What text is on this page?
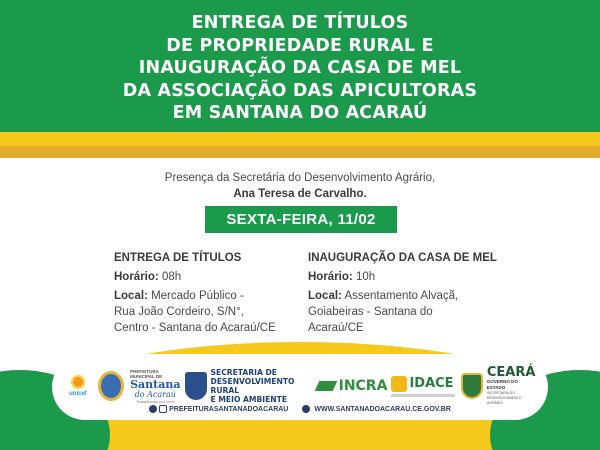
ENTREGA DE TÍTULOS
DE PROPRIEDADE RURAL E
INAUGURAÇÃO DA CASA DE MEL
DA ASSOCIAÇÃO DAS APICULTORAS
EM SANTANA DO ACARAÚ
Presença da Secretária do Desenvolvimento Agrário,
Ana Teresa de Carvalho.
SEXTA-FEIRA, 11/02
ENTREGA DE TÍTULOS
Horário: 08h
Local: Mercado Público -
Rua João Cordeiro, S/N°,
Centro - Santana do Acaraú/CE
INAUGURAÇÃO DA CASA DE MEL
Horário: 10h
Local: Assentamento Alvaçã,
Goiabeiras - Santana do
Acaraú/CE
unicef
PREFEITURA MUNICIPAL DE
Santana
do Acaraú
Trabalhando por você
SECRETARIA DE
DESENVOLVIMENTO RURAL
E MEIO AMBIENTE
INCRA IDACE
CEARÁ
GOVERNO DO ESTADO
SECRETARIA DO DESENVOLVIMENTO AGRÁRIO
PREFEITURASANTANADOACARAU	WWW.SANTANADOACARAU.CE.GOV.BR
